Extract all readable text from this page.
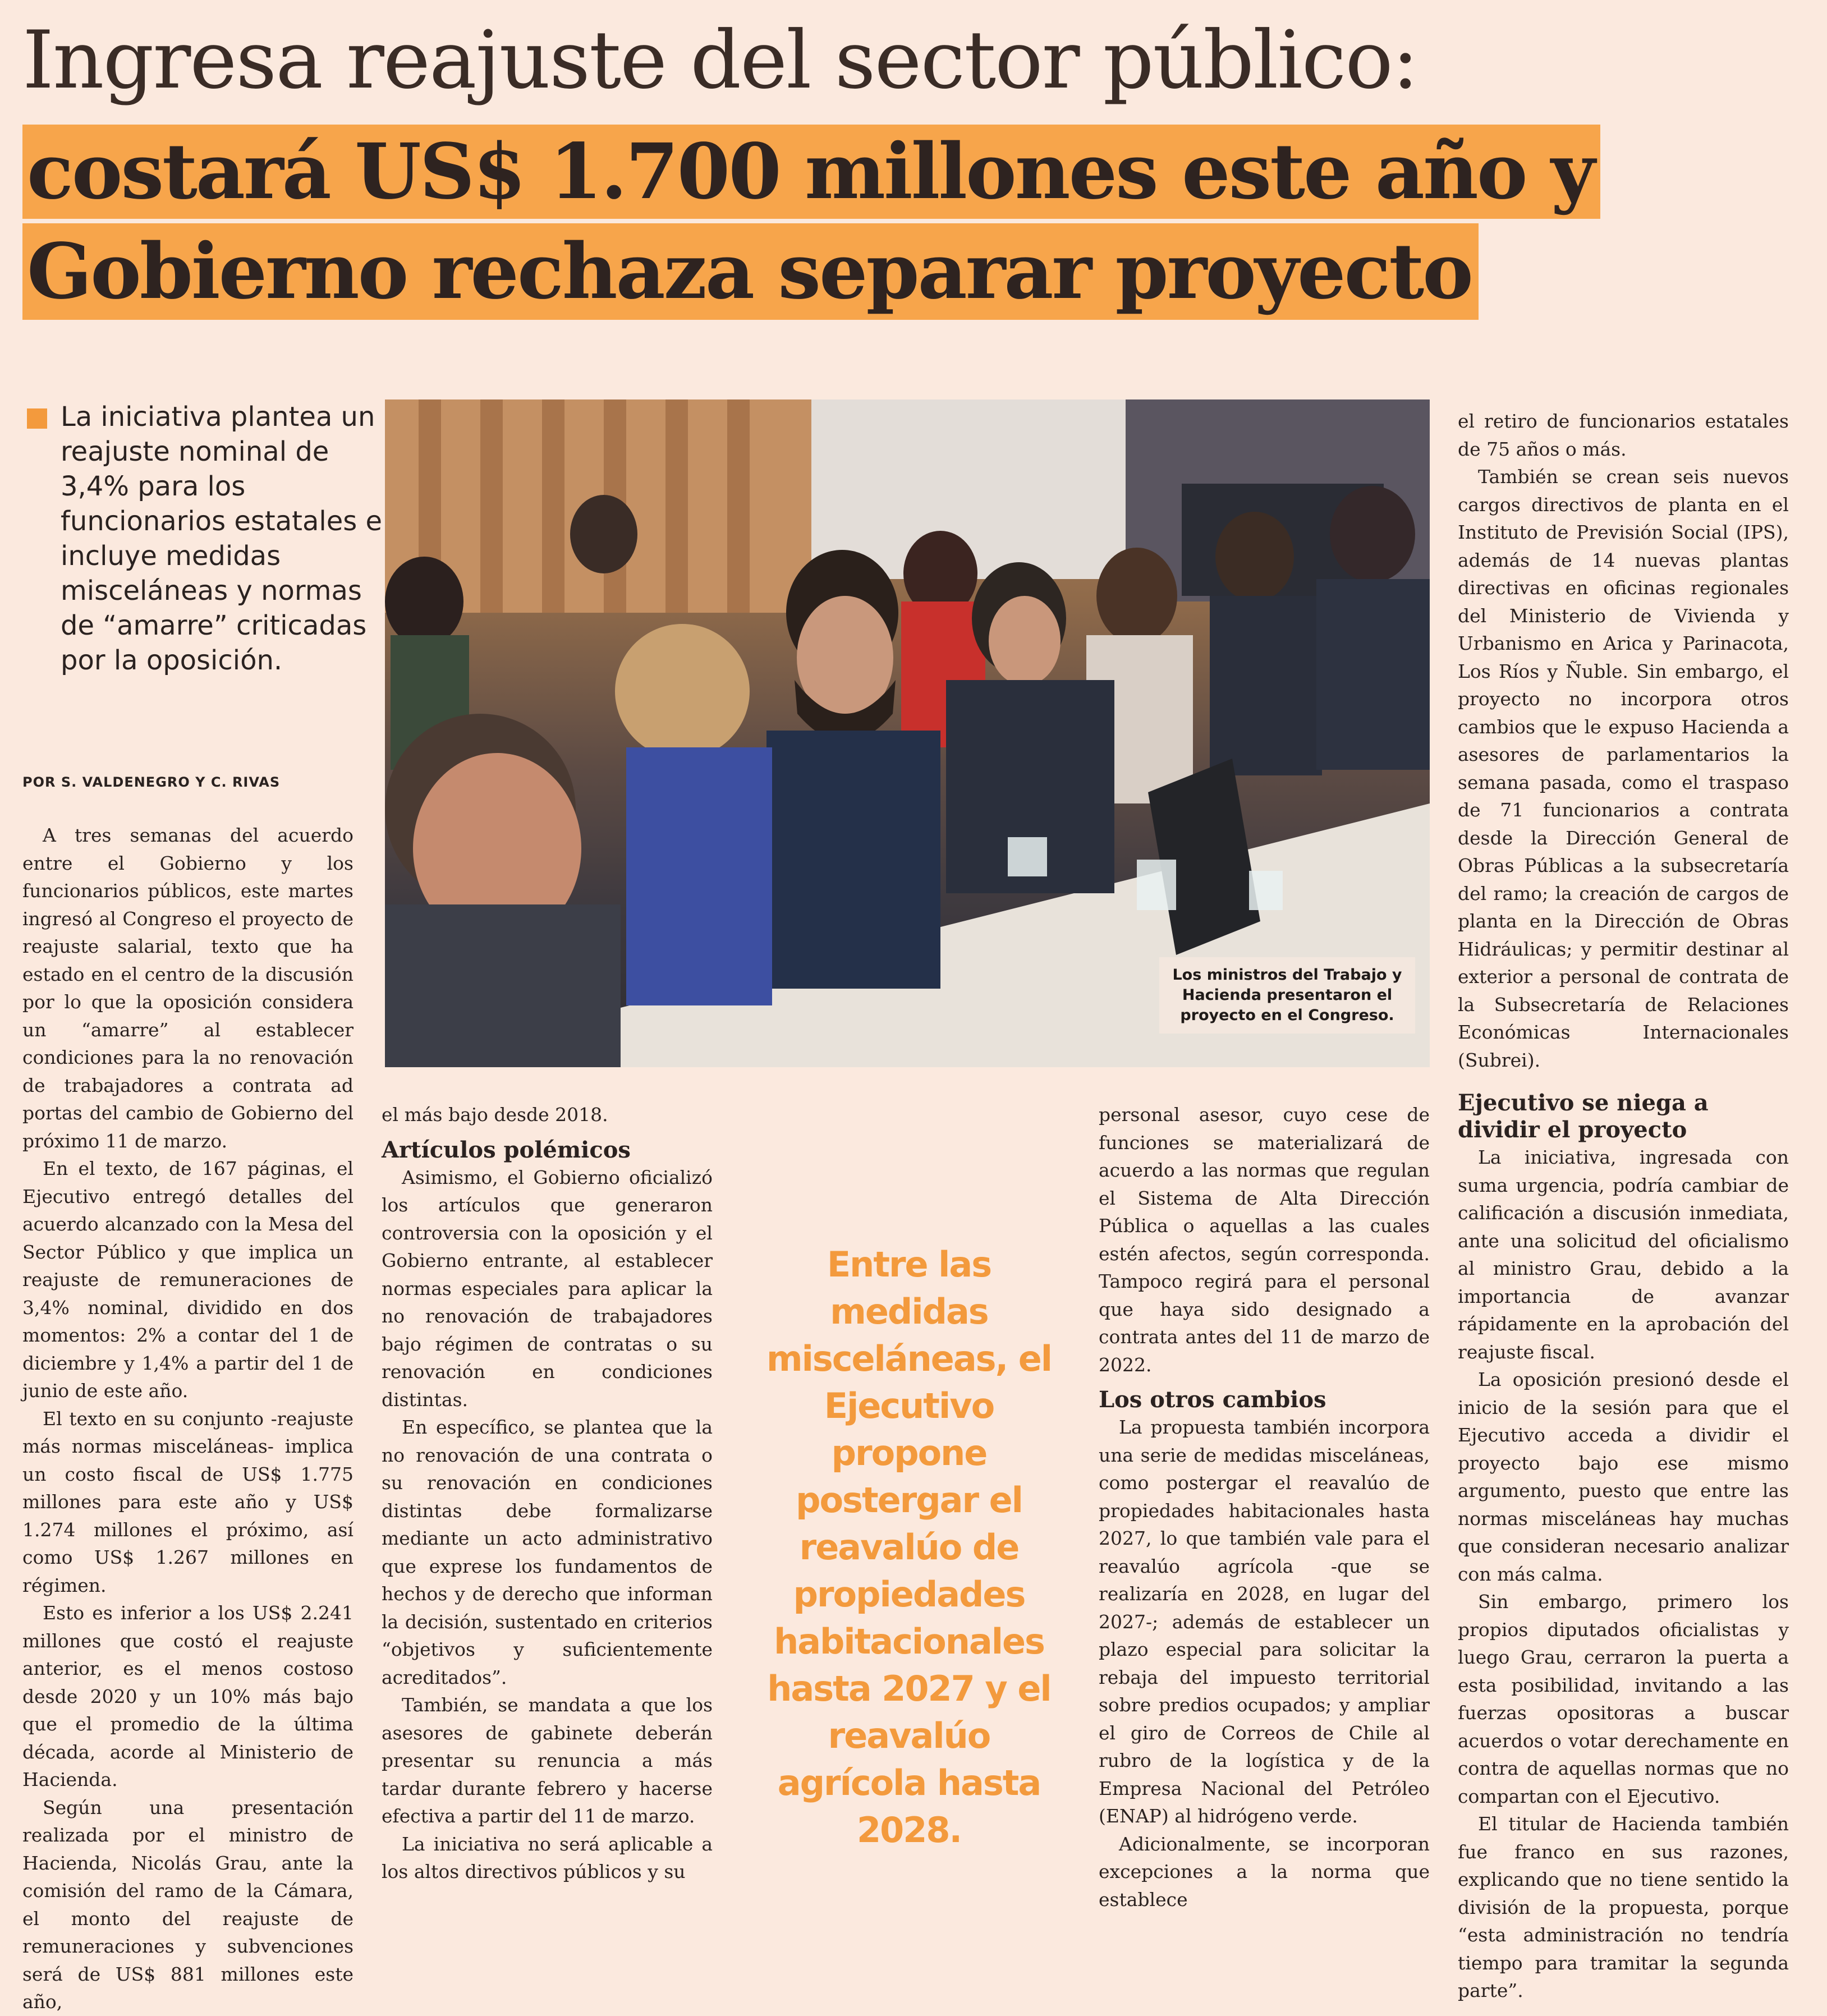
Ingresa reajuste del sector público:
costará US$ 1.700 millones este año y
Gobierno rechaza separar proyecto
La iniciativa plantea un reajuste nominal de 3,4% para los funcionarios estatales e incluye medidas misceláneas y normas de “amarre” criticadas por la oposición.
POR S. VALDENEGRO Y C. RIVAS
Los ministros del Trabajo y Hacienda presentaron el proyecto en el Congreso.

A tres semanas del acuerdo entre el Gobierno y los funcionarios públicos, este martes ingresó al Congreso el proyecto de reajuste salarial, texto que ha estado en el centro de la discusión por lo que la oposición considera un “amarre” al establecer condiciones para la no renovación de trabajadores a contrata ad portas del cambio de Gobierno del próximo 11 de marzo.

En el texto, de 167 páginas, el Ejecutivo entregó detalles del acuerdo alcanzado con la Mesa del Sector Público y que implica un reajuste de remuneraciones de 3,4% nominal, dividido en dos momentos: 2% a contar del 1 de diciembre y 1,4% a partir del 1 de junio de este año.

El texto en su conjunto -reajuste más normas misceláneas- implica un costo fiscal de US$ 1.775 millones para este año y US$ 1.274 millones el próximo, así como US$ 1.267 millones en régimen.

Esto es inferior a los US$ 2.241 millones que costó el reajuste anterior, es el menos costoso desde 2020 y un 10% más bajo que el promedio de la última década, acorde al Ministerio de Hacienda.

Según una presentación realizada por el ministro de Hacienda, Nicolás Grau, ante la comisión del ramo de la Cámara, el monto del reajuste de remuneraciones y subvenciones será de US$ 881 millones este año,

el más bajo desde 2018.

Artículos polémicos

Asimismo, el Gobierno oficializó los artículos que generaron controversia con la oposición y el Gobierno entrante, al establecer normas especiales para aplicar la no renovación de trabajadores bajo régimen de contratas o su renovación en condiciones distintas.

En específico, se plantea que la no renovación de una contrata o su renovación en condiciones distintas debe formalizarse mediante un acto administrativo que exprese los fundamentos de hechos y de derecho que informan la decisión, sustentado en criterios “objetivos y suficientemente acreditados”.

También, se mandata a que los asesores de gabinete deberán presentar su renuncia a más tardar durante febrero y hacerse efectiva a partir del 11 de marzo.

La iniciativa no será aplicable a los altos directivos públicos y su

Entre las medidas misceláneas, el Ejecutivo propone postergar el reavalúo de propiedades habitacionales hasta 2027 y el reavalúo agrícola hasta 2028.

personal asesor, cuyo cese de funciones se materializará de acuerdo a las normas que regulan el Sistema de Alta Dirección Pública o aquellas a las cuales estén afectos, según corresponda. Tampoco regirá para el personal que haya sido designado a contrata antes del 11 de marzo de 2022.

Los otros cambios

La propuesta también incorpora una serie de medidas misceláneas, como postergar el reavalúo de propiedades habitacionales hasta 2027, lo que también vale para el reavalúo agrícola -que se realizaría en 2028, en lugar del 2027-; además de establecer un plazo especial para solicitar la rebaja del impuesto territorial sobre predios ocupados; y ampliar el giro de Correos de Chile al rubro de la logística y de la Empresa Nacional del Petróleo (ENAP) al hidrógeno verde.

Adicionalmente, se incorporan excepciones a la norma que establece

el retiro de funcionarios estatales de 75 años o más.

También se crean seis nuevos cargos directivos de planta en el Instituto de Previsión Social (IPS), además de 14 nuevas plantas directivas en oficinas regionales del Ministerio de Vivienda y Urbanismo en Arica y Parinacota, Los Ríos y Ñuble. Sin embargo, el proyecto no incorpora otros cambios que le expuso Hacienda a asesores de parlamentarios la semana pasada, como el traspaso de 71 funcionarios a contrata desde la Dirección General de Obras Públicas a la subsecretaría del ramo; la creación de cargos de planta en la Dirección de Obras Hidráulicas; y permitir destinar al exterior a personal de contrata de la Subsecretaría de Relaciones Económicas Internacionales (Subrei).

Ejecutivo se niega a dividir el proyecto

La iniciativa, ingresada con suma urgencia, podría cambiar de calificación a discusión inmediata, ante una solicitud del oficialismo al ministro Grau, debido a la importancia de avanzar rápidamente en la aprobación del reajuste fiscal.

La oposición presionó desde el inicio de la sesión para que el Ejecutivo acceda a dividir el proyecto bajo ese mismo argumento, puesto que entre las normas misceláneas hay muchas que consideran necesario analizar con más calma.

Sin embargo, primero los propios diputados oficialistas y luego Grau, cerraron la puerta a esta posibilidad, invitando a las fuerzas opositoras a buscar acuerdos o votar derechamente en contra de aquellas normas que no compartan con el Ejecutivo.

El titular de Hacienda también fue franco en sus razones, explicando que no tiene sentido la división de la propuesta, porque “esta administración no tendría tiempo para tramitar la segunda parte”.
